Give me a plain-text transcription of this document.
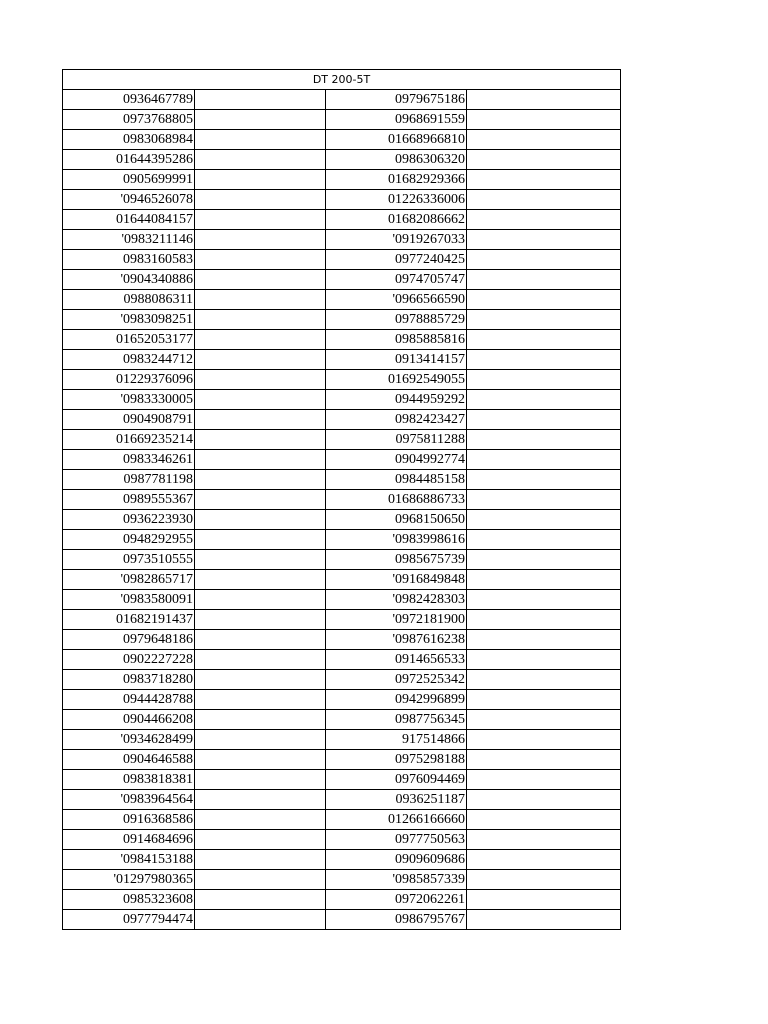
DT 200-5T			
0936467789		0979675186	
0973768805		0968691559	
0983068984		01668966810	
01644395286		0986306320	
0905699991		01682929366	
'0946526078		01226336006	
01644084157		01682086662	
'0983211146		'0919267033	
0983160583		0977240425	
'0904340886		0974705747	
0988086311		'0966566590	
'0983098251		0978885729	
01652053177		0985885816	
0983244712		0913414157	
01229376096		01692549055	
'0983330005		0944959292	
0904908791		0982423427	
01669235214		0975811288	
0983346261		0904992774	
0987781198		0984485158	
0989555367		01686886733	
0936223930		0968150650	
0948292955		'0983998616	
0973510555		0985675739	
'0982865717		'0916849848	
'0983580091		'0982428303	
01682191437		'0972181900	
0979648186		'0987616238	
0902227228		0914656533	
0983718280		0972525342	
0944428788		0942996899	
0904466208		0987756345	
'0934628499		917514866	
0904646588		0975298188	
0983818381		0976094469	
'0983964564		0936251187	
0916368586		01266166660	
0914684696		0977750563	
'0984153188		0909609686	
'01297980365		'0985857339	
0985323608		0972062261	
0977794474		0986795767	
